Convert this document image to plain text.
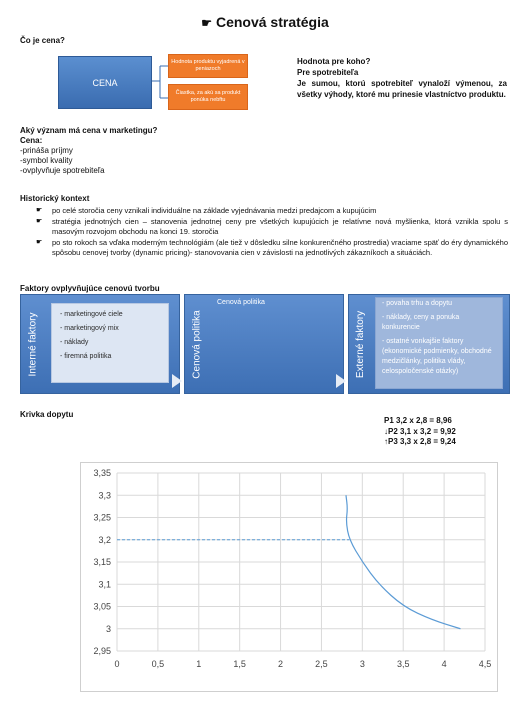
☛ Cenová stratégia
Čo je cena?
CENA
Hodnota produktu vyjadrená v peniazoch
Čiastka, za akú sa produkt ponúka nebftu
Hodnota pre koho?
Pre spotrebiteľa
Je sumou, ktorú spotrebiteľ vynaloží výmenou, za všetky výhody, ktoré mu prinesie vlastníctvo produktu.
Aký význam má cena v marketingu?
Cena:
-prináša príjmy
-symbol kvality
-ovplyvňuje spotrebiteľa
Historický kontext
☛ po celé storočia ceny vznikali individuálne na základe vyjednávania medzi predajcom a kupujúcim
☛ stratégia jednotných cien – stanovenia jednotnej ceny pre všetkých kupujúcich je relatívne nová myšlienka, ktorá vznikla spolu s masovým rozvojom obchodu na konci 19. storočia
☛ po sto rokoch sa vďaka moderným technológiám (ale tiež v dôsledku silne konkurenčného prostredia) vraciame späť do éry dynamického spôsobu cenovej tvorby (dynamic pricing)- stanovovania cien v závislosti na jednotlivých zákazníkoch a situáciách.
Faktory ovplyvňujúce cenovú tvorbu
Interné faktory	- marketingové ciele
- marketingový mix
- náklady
- firemná politika	Cenová politika
Cenová politika
Externé faktory
- povaha trhu a dopytu
- náklady, ceny a ponuka konkurencie
- ostatné vonkajšie faktory (ekonomické podmienky, obchodné medzičlánky, politika vlády, celospoločenské otázky)
Krivka dopytu
P1 3,2 x 2,8 = 8,96
↓P2 3,1 x 3,2 = 9,92
↑P3 3,3 x 2,8 = 9,24
0	0,5	1	1,5	2	2,5	3	3,5	4	4,5
2,95
3
3,05
3,1
3,15
3,2
3,25
3,3
3,35
